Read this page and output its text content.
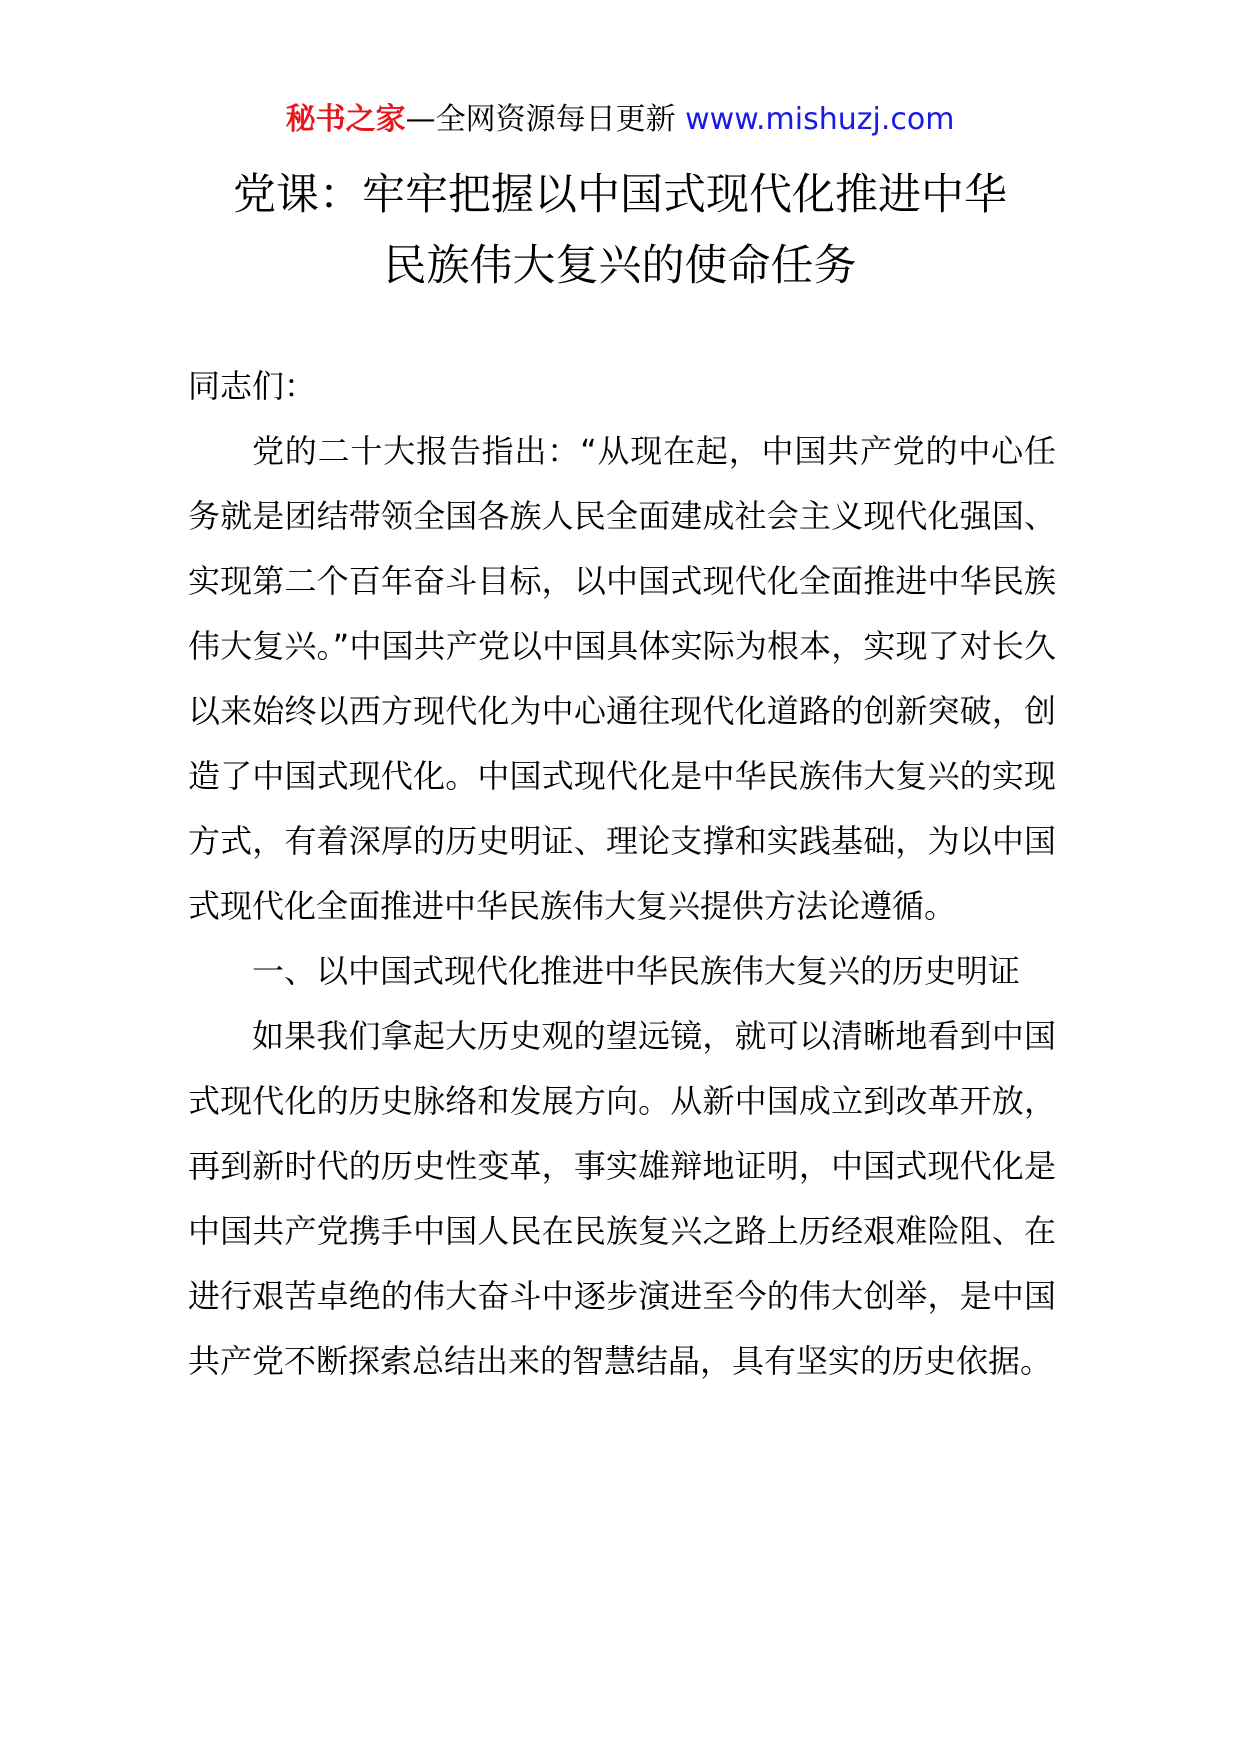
秘书之家—全网资源每日更新 www.mishuzj.com
党课：牢牢把握以中国式现代化推进中华
民族伟大复兴的使命任务

同志们：

党的二十大报告指出：“从现在起，中国共产党的中心任务就是团结带领全国各族人民全面建成社会主义现代化强国、实现第二个百年奋斗目标，以中国式现代化全面推进中华民族伟大复兴。”中国共产党以中国具体实际为根本，实现了对长久以来始终以西方现代化为中心通往现代化道路的创新突破，创造了中国式现代化。中国式现代化是中华民族伟大复兴的实现方式，有着深厚的历史明证、理论支撑和实践基础，为以中国式现代化全面推进中华民族伟大复兴提供方法论遵循。

一、以中国式现代化推进中华民族伟大复兴的历史明证

如果我们拿起大历史观的望远镜，就可以清晰地看到中国式现代化的历史脉络和发展方向。从新中国成立到改革开放，再到新时代的历史性变革，事实雄辩地证明，中国式现代化是中国共产党携手中国人民在民族复兴之路上历经艰难险阻、在进行艰苦卓绝的伟大奋斗中逐步演进至今的伟大创举，是中国共产党不断探索总结出来的智慧结晶，具有坚实的历史依据。
